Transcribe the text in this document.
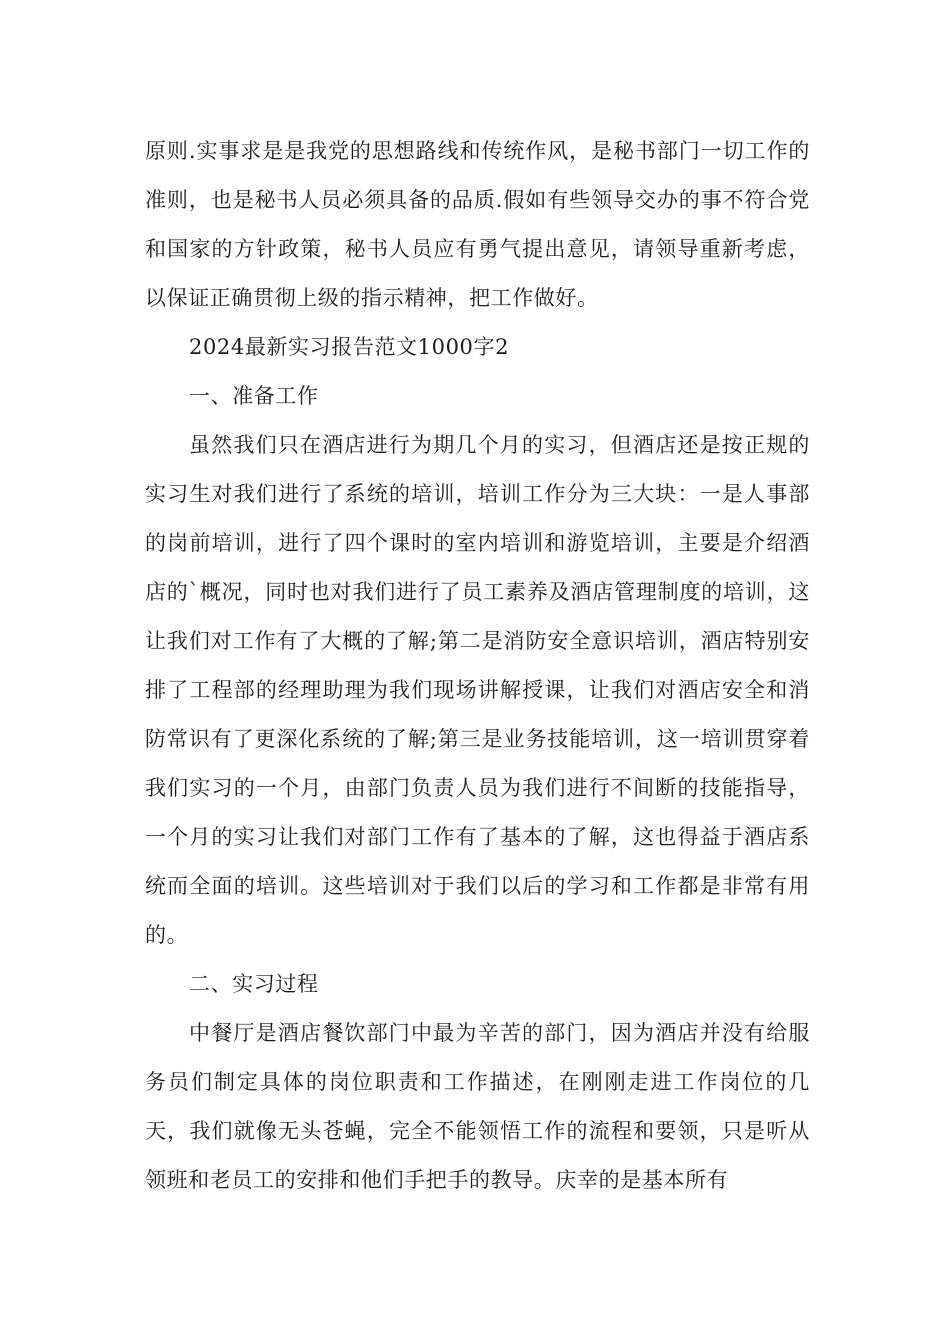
原则.实事求是是我党的思想路线和传统作风，是秘书部门一切工作的准则，也是秘书人员必须具备的品质.假如有些领导交办的事不符合党和国家的方针政策，秘书人员应有勇气提出意见，请领导重新考虑，以保证正确贯彻上级的指示精神，把工作做好。

2024最新实习报告范文1000字2

一、准备工作

虽然我们只在酒店进行为期几个月的实习，但酒店还是按正规的实习生对我们进行了系统的培训，培训工作分为三大块：一是人事部的岗前培训，进行了四个课时的室内培训和游览培训，主要是介绍酒店的`概况，同时也对我们进行了员工素养及酒店管理制度的培训，这让我们对工作有了大概的了解;第二是消防安全意识培训，酒店特别安排了工程部的经理助理为我们现场讲解授课，让我们对酒店安全和消防常识有了更深化系统的了解;第三是业务技能培训，这一培训贯穿着我们实习的一个月，由部门负责人员为我们进行不间断的技能指导，一个月的实习让我们对部门工作有了基本的了解，这也得益于酒店系统而全面的培训。这些培训对于我们以后的学习和工作都是非常有用的。

二、实习过程

中餐厅是酒店餐饮部门中最为辛苦的部门，因为酒店并没有给服务员们制定具体的岗位职责和工作描述，在刚刚走进工作岗位的几天，我们就像无头苍蝇，完全不能领悟工作的流程和要领，只是听从领班和老员工的安排和他们手把手的教导。庆幸的是基本所有
